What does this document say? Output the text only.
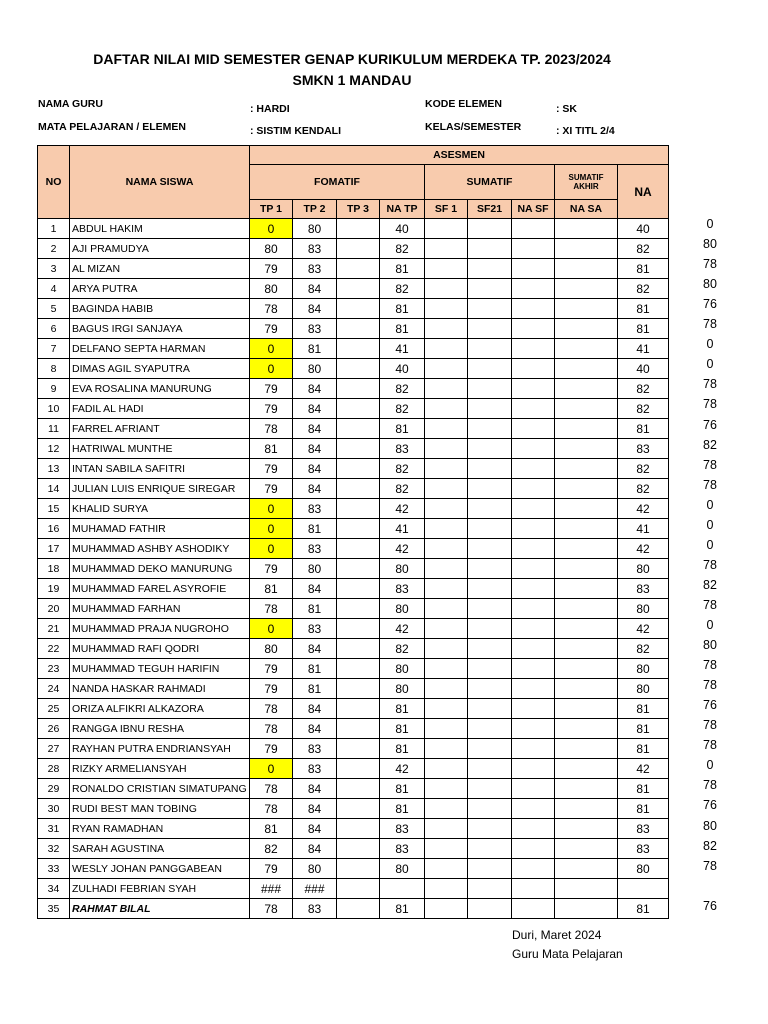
DAFTAR NILAI MID SEMESTER GENAP KURIKULUM MERDEKA TP. 2023/2024
SMKN 1 MANDAU
NAMA GURU	: HARDI
MATA PELAJARAN / ELEMEN	: SISTIM KENDALI
KODE ELEMEN	: SK
KELAS/SEMESTER	: XI TITL 2/4
NO	NAMA SISWA	ASESMEN								
		FOMATIF				SUMATIF			SUMATIF AKHIR	NA
		TP 1	TP 2	TP 3	NA TP	SF 1	SF21	NA SF	NA SA	
1	ABDUL HAKIM	0	80		40					40
2	AJI PRAMUDYA	80	83		82					82
3	AL MIZAN	79	83		81					81
4	ARYA PUTRA	80	84		82					82
5	BAGINDA HABIB	78	84		81					81
6	BAGUS IRGI SANJAYA	79	83		81					81
7	DELFANO SEPTA HARMAN	0	81		41					41
8	DIMAS AGIL SYAPUTRA	0	80		40					40
9	EVA ROSALINA MANURUNG	79	84		82					82
10	FADIL AL HADI	79	84		82					82
11	FARREL AFRIANT	78	84		81					81
12	HATRIWAL MUNTHE	81	84		83					83
13	INTAN SABILA SAFITRI	79	84		82					82
14	JULIAN LUIS ENRIQUE SIREGAR	79	84		82					82
15	KHALID SURYA	0	83		42					42
16	MUHAMAD FATHIR	0	81		41					41
17	MUHAMMAD ASHBY ASHODIKY	0	83		42					42
18	MUHAMMAD DEKO MANURUNG	79	80		80					80
19	MUHAMMAD FAREL ASYROFIE	81	84		83					83
20	MUHAMMAD FARHAN	78	81		80					80
21	MUHAMMAD PRAJA NUGROHO	0	83		42					42
22	MUHAMMAD RAFI QODRI	80	84		82					82
23	MUHAMMAD TEGUH HARIFIN	79	81		80					80
24	NANDA HASKAR RAHMADI	79	81		80					80
25	ORIZA ALFIKRI ALKAZORA	78	84		81					81
26	RANGGA IBNU RESHA	78	84		81					81
27	RAYHAN PUTRA ENDRIANSYAH	79	83		81					81
28	RIZKY ARMELIANSYAH	0	83		42					42
29	RONALDO CRISTIAN SIMATUPANG	78	84		81					81
30	RUDI BEST MAN TOBING	78	84		81					81
31	RYAN RAMADHAN	81	84		83					83
32	SARAH AGUSTINA	82	84		83					83
33	WESLY JOHAN PANGGABEAN	79	80		80					80
34	ZULHADI FEBRIAN SYAH	###	###							
35	RAHMAT BILAL	78	83		81					81
0
80
78
80
76
78
0
0
78
78
76
82
78
78
0
0
0
78
82
78
0
80
78
78
76
78
78
0
78
76
80
82
78
76
Duri, Maret 2024
Guru Mata Pelajaran
